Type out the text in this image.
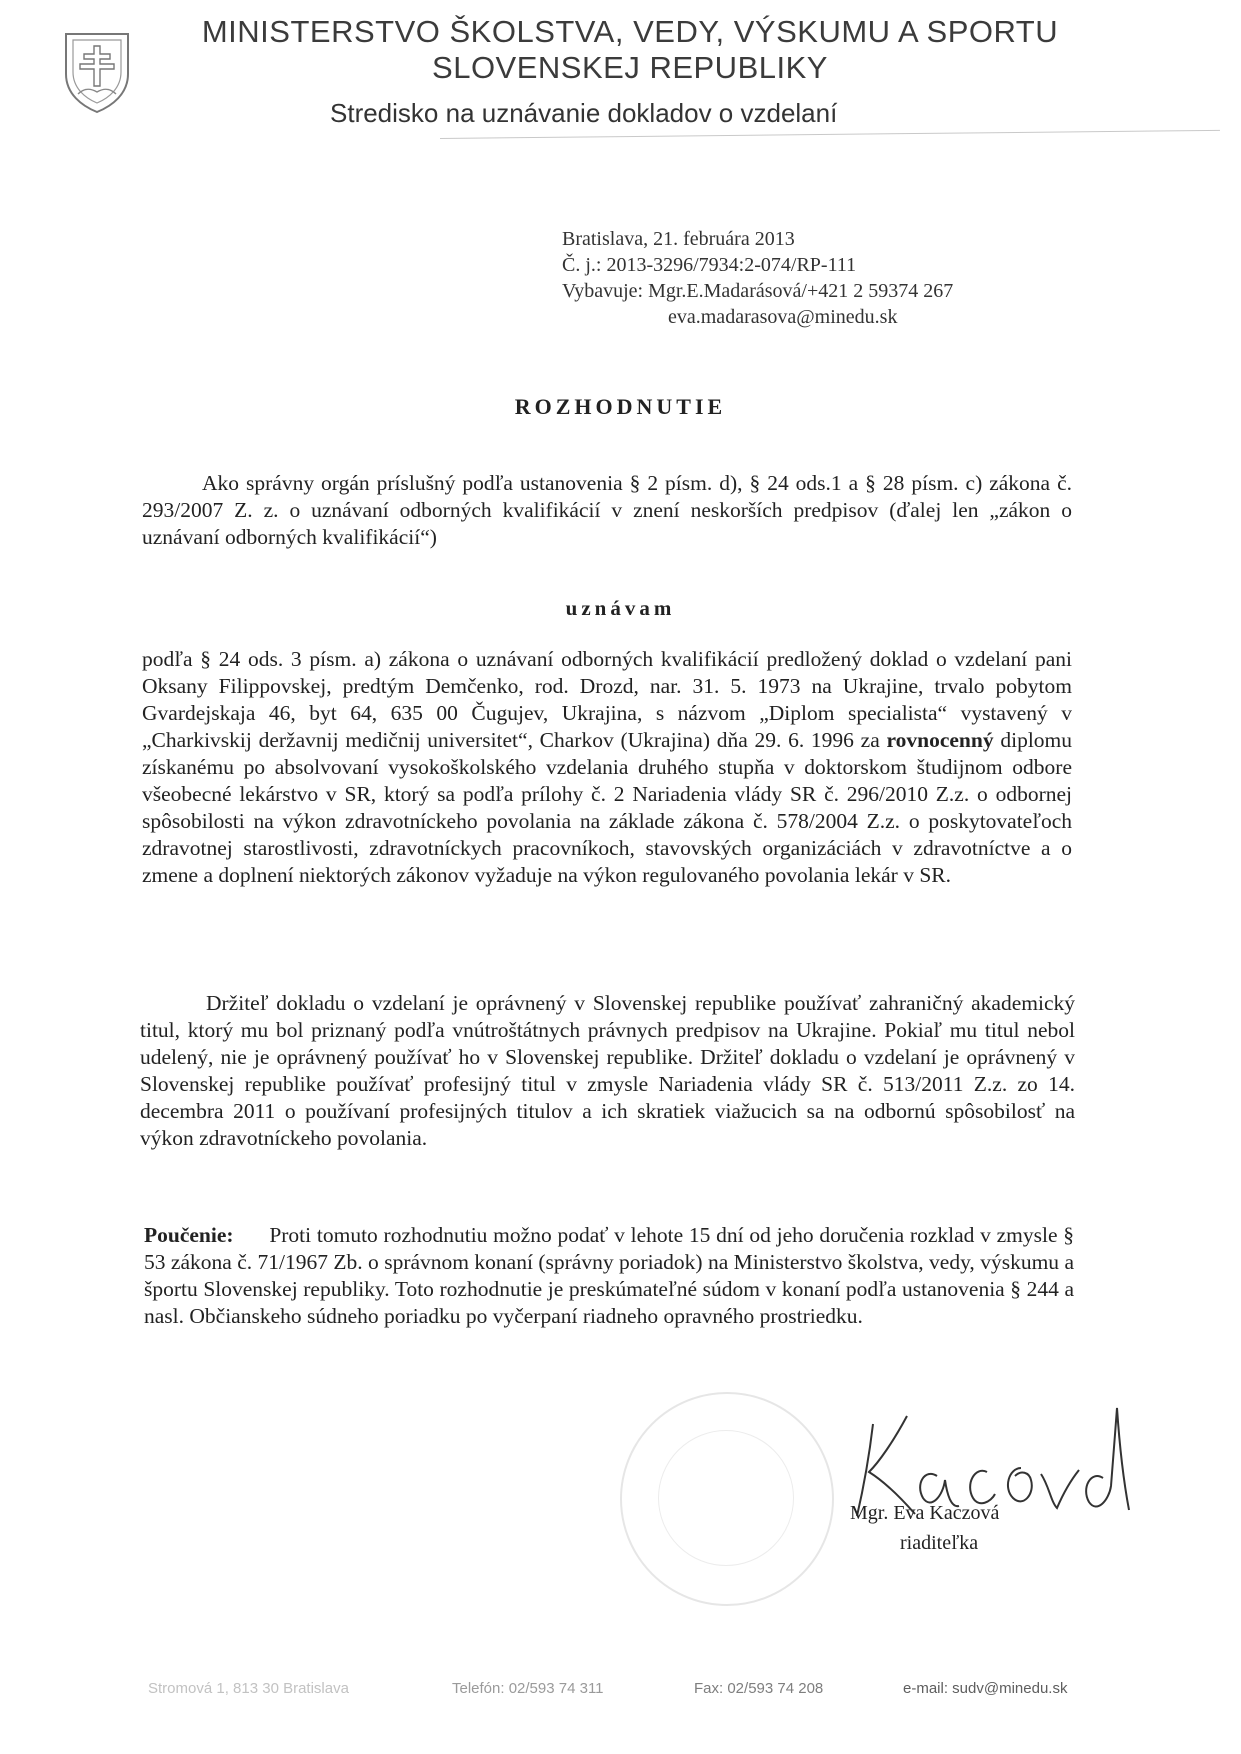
MINISTERSTVO ŠKOLSTVA, VEDY, VÝSKUMU A SPORTU
SLOVENSKEJ REPUBLIKY
Stredisko na uznávanie dokladov o vzdelaní
Bratislava, 21. februára 2013
Č. j.: 2013-3296/7934:2-074/RP-111
Vybavuje: Mgr.E.Madarásová/+421 2 59374 267
eva.madarasova@minedu.sk
ROZHODNUTIE
Ako správny orgán príslušný podľa ustanovenia § 2 písm. d), § 24 ods.1 a § 28 písm. c) zákona č. 293/2007 Z. z. o uznávaní odborných kvalifikácií v znení neskorších predpisov (ďalej len „zákon o uznávaní odborných kvalifikácií“)
uznávam
podľa § 24 ods. 3 písm. a) zákona o uznávaní odborných kvalifikácií predložený doklad o vzdelaní pani Oksany Filippovskej, predtým Demčenko, rod. Drozd, nar. 31. 5. 1973 na Ukrajine, trvalo pobytom Gvardejskaja 46, byt 64, 635 00 Čugujev, Ukrajina, s názvom „Diplom specialista“ vystavený v „Charkivskij deržavnij medičnij universitet“, Charkov (Ukrajina) dňa 29. 6. 1996 za rovnocenný diplomu získanému po absolvovaní vysokoškolského vzdelania druhého stupňa v doktorskom študijnom odbore všeobecné lekárstvo v SR, ktorý sa podľa prílohy č. 2 Nariadenia vlády SR č. 296/2010 Z.z. o odbornej spôsobilosti na výkon zdravotníckeho povolania na základe zákona č. 578/2004 Z.z. o poskytovateľoch zdravotnej starostlivosti, zdravotníckych pracovníkoch, stavovských organizáciách v zdravotníctve a o zmene a doplnení niektorých zákonov vyžaduje na výkon regulovaného povolania lekár v SR.
Držiteľ dokladu o vzdelaní je oprávnený v Slovenskej republike používať zahraničný akademický titul, ktorý mu bol priznaný podľa vnútroštátnych právnych predpisov na Ukrajine. Pokiaľ mu titul nebol udelený, nie je oprávnený používať ho v Slovenskej republike. Držiteľ dokladu o vzdelaní je oprávnený v Slovenskej republike používať profesijný titul v zmysle Nariadenia vlády SR č. 513/2011 Z.z. zo 14. decembra 2011 o používaní profesijných titulov a ich skratiek viažucich sa na odbornú spôsobilosť na výkon zdravotníckeho povolania.
Poučenie: Proti tomuto rozhodnutiu možno podať v lehote 15 dní od jeho doručenia rozklad v zmysle § 53 zákona č. 71/1967 Zb. o správnom konaní (správny poriadok) na Ministerstvo školstva, vedy, výskumu a športu Slovenskej republiky. Toto rozhodnutie je preskúmateľné súdom v konaní podľa ustanovenia § 244 a nasl. Občianskeho súdneho poriadku po vyčerpaní riadneho opravného prostriedku.
Mgr. Eva Kaczová
riaditeľka
Stromová 1, 813 30 Bratislava	Telefón: 02/593 74 311	Fax: 02/593 74 208	e-mail: sudv@minedu.sk
